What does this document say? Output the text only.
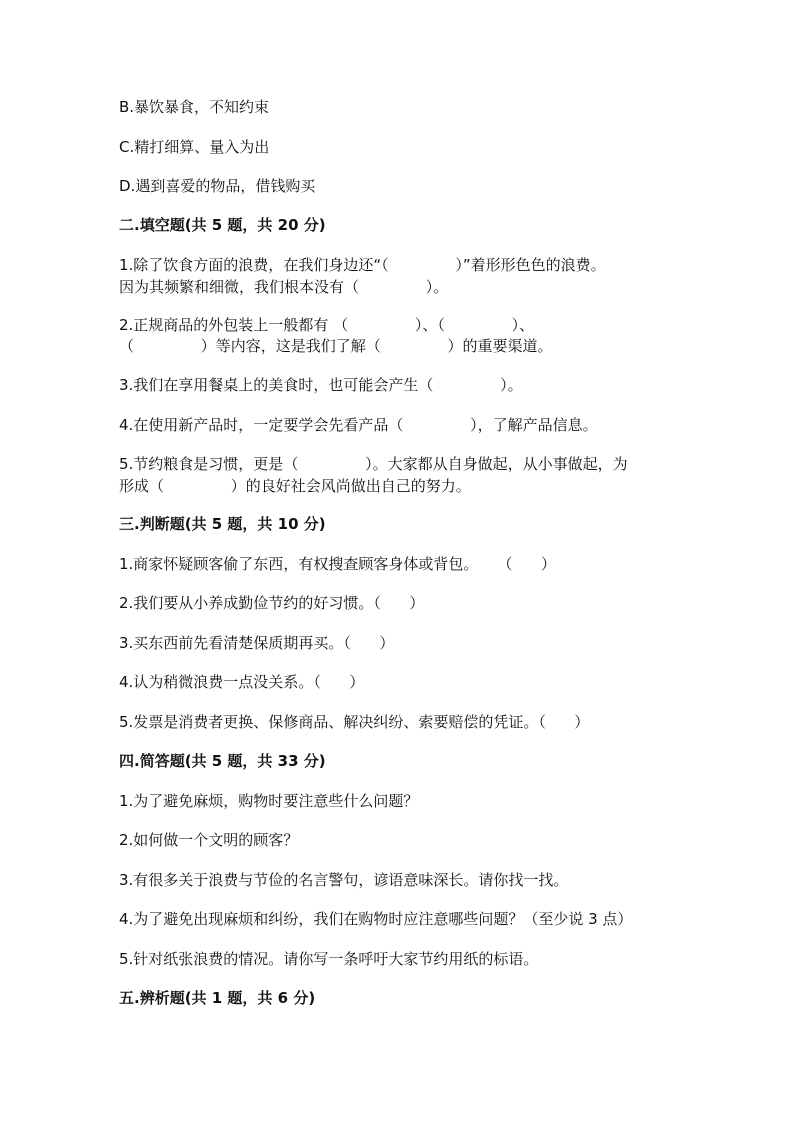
B.暴饮暴食，不知约束
C.精打细算、量入为出
D.遇到喜爱的物品，借钱购买
二.填空题(共 5 题，共 20 分)
1.除了饮食方面的浪费，在我们身边还“（              ）”着形形色色的浪费。
因为其频繁和细微，我们根本没有（              ）。
2.正规商品的外包装上一般都有 （              ）、（              ）、
（              ）等内容，这是我们了解（              ）的重要渠道。
3.我们在享用餐桌上的美食时，也可能会产生（              ）。
4.在使用新产品时，一定要学会先看产品（              ），了解产品信息。
5.节约粮食是习惯，更是（              ）。大家都从自身做起，从小事做起，为
形成（              ）的良好社会风尚做出自己的努力。
三.判断题(共 5 题，共 10 分)
1.商家怀疑顾客偷了东西，有权搜查顾客身体或背包。    （      ）
2.我们要从小养成勤俭节约的好习惯。（      ）
3.买东西前先看清楚保质期再买。（      ）
4.认为稍微浪费一点没关系。（      ）
5.发票是消费者更换、保修商品、解决纠纷、索要赔偿的凭证。（      ）
四.简答题(共 5 题，共 33 分)
1.为了避免麻烦，购物时要注意些什么问题？
2.如何做一个文明的顾客？
3.有很多关于浪费与节俭的名言警句，谚语意味深长。请你找一找。
4.为了避免出现麻烦和纠纷，我们在购物时应注意哪些问题？（至少说 3 点）
5.针对纸张浪费的情况。请你写一条呼吁大家节约用纸的标语。
五.辨析题(共 1 题，共 6 分)
